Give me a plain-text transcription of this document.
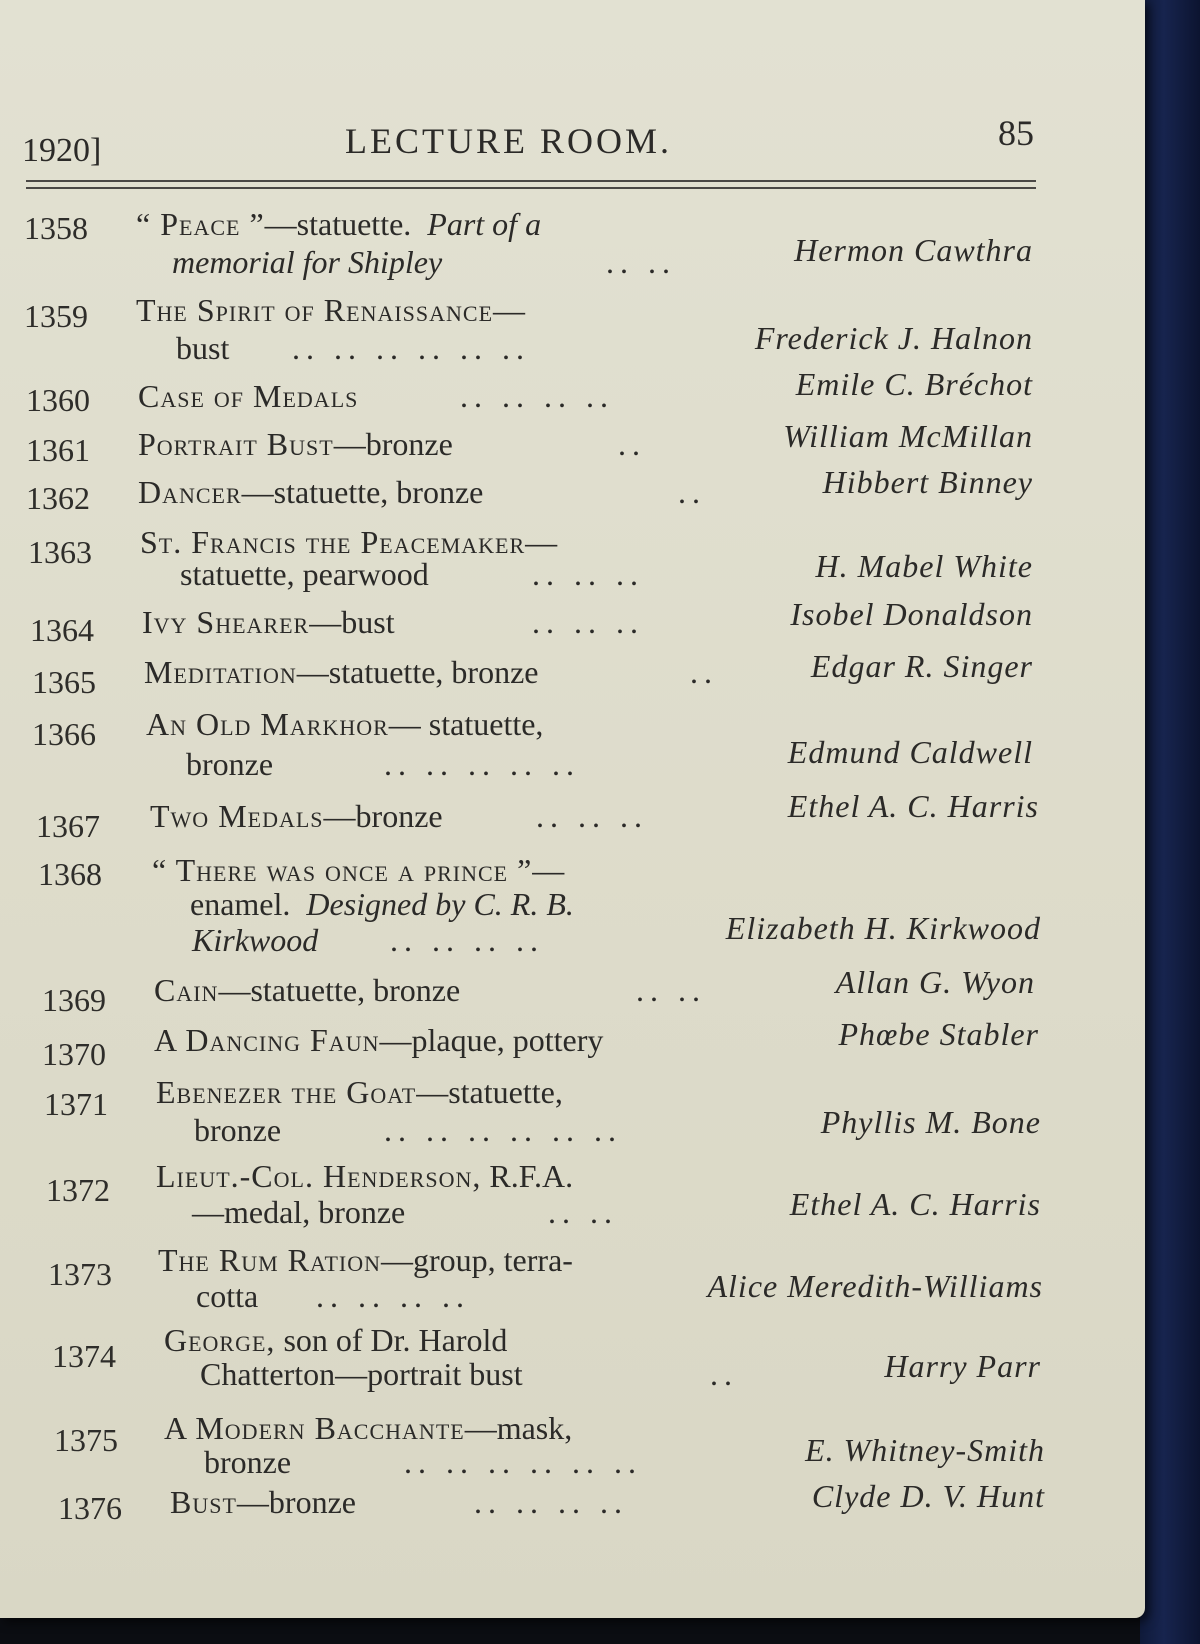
1920]	LECTURE ROOM.	85
1358 “ Peace ”—statuette. Part of a
memorial for Shipley	.. ..	Hermon Cawthra
1359 The Spirit of Renaissance—
bust .. .. .. .. .. ..	Frederick J. Halnon
1360 Case of Medals	.. .. .. ..	Emile C. Bréchot
1361 Portrait Bust—bronze	..	William McMillan
1362 Dancer—statuette, bronze	..	Hibbert Binney
1363 St. Francis the Peacemaker—
statuette, pearwood	.. .. ..	H. Mabel White
1364 Ivy Shearer—bust	.. .. ..	Isobel Donaldson
1365 Meditation—statuette, bronze	..	Edgar R. Singer
1366 An Old Markhor— statuette,
bronze	.. .. .. .. ..	Edmund Caldwell
1367 Two Medals—bronze	.. .. ..	Ethel A. C. Harris
1368 “ There was once a prince ”—
enamel. Designed by C. R. B.
Kirkwood .. .. .. ..	Elizabeth H. Kirkwood
1369 Cain—statuette, bronze	.. ..	Allan G. Wyon
1370 A Dancing Faun—plaque, pottery	Phœbe Stabler
1371 Ebenezer the Goat—statuette,
bronze	.. .. .. .. .. ..	Phyllis M. Bone
1372 Lieut.-Col. Henderson, R.F.A.
—medal, bronze	.. ..	Ethel A. C. Harris
1373 The Rum Ration—group, terra-
cotta .. .. .. ..	Alice Meredith-Williams
1374 George, son of Dr. Harold
Chatterton—portrait bust	..	Harry Parr
1375 A Modern Bacchante—mask,
bronze	.. .. .. .. .. ..	E. Whitney-Smith
1376 Bust—bronze	.. .. .. ..	Clyde D. V. Hunt
